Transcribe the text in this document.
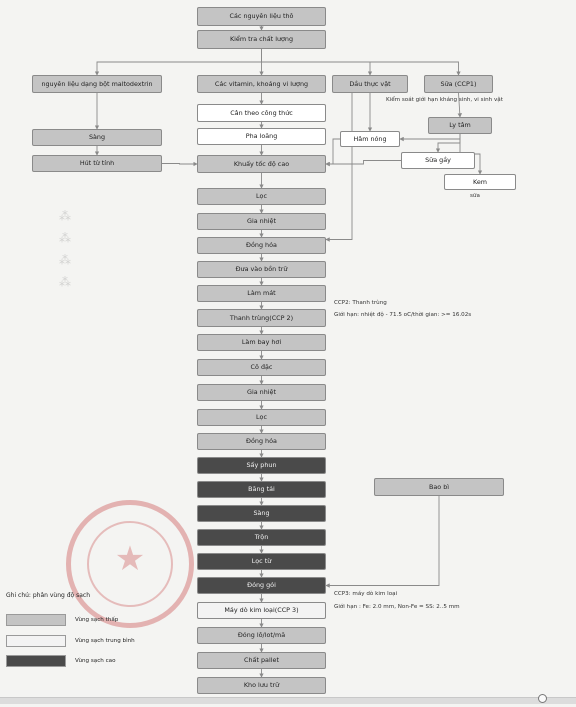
⁂
⁂
⁂
⁂
★
Kiểm soát giới hạn kháng sinh, vi sinh vật
sữa
CCP2: Thanh trùng
Giới hạn: nhiệt độ - 71.5 oC/thời gian: >= 16.02s
CCP3: máy dò kim loại
Giới hạn : Fe: 2.0 mm, Non-Fe = SS: 2..5 mm
Ghi chú: phân vùng độ sạch
Vùng sạch thấp
Vùng sạch trung bình
Vùng sạch cao
Các nguyên liệu thô
Kiểm tra chất lượng
nguyên liệu dạng bột maltodextrin	Các vitamin, khoáng vi lượng	Dầu thực vật	Sữa (CCP1)
Cân theo công thức
Sàng	Pha loãng	Hâm nóng
Ly tâm
Hút từ tính	Khuấy tốc độ cao	Sữa gầy
Kem
Lọc
Gia nhiệt
Đồng hóa
Đưa vào bồn trữ
Làm mát
Thanh trùng(CCP 2)
Làm bay hơi
Cô đặc
Gia nhiệt
Lọc
Đồng hóa
Sấy phun
Băng tải
Sàng
Trộn
Lọc từ
Đóng gói
Bao bì
Máy dò kim loại(CCP 3)
Đóng lô/lot/mã
Chất pallet
Kho lưu trữ
